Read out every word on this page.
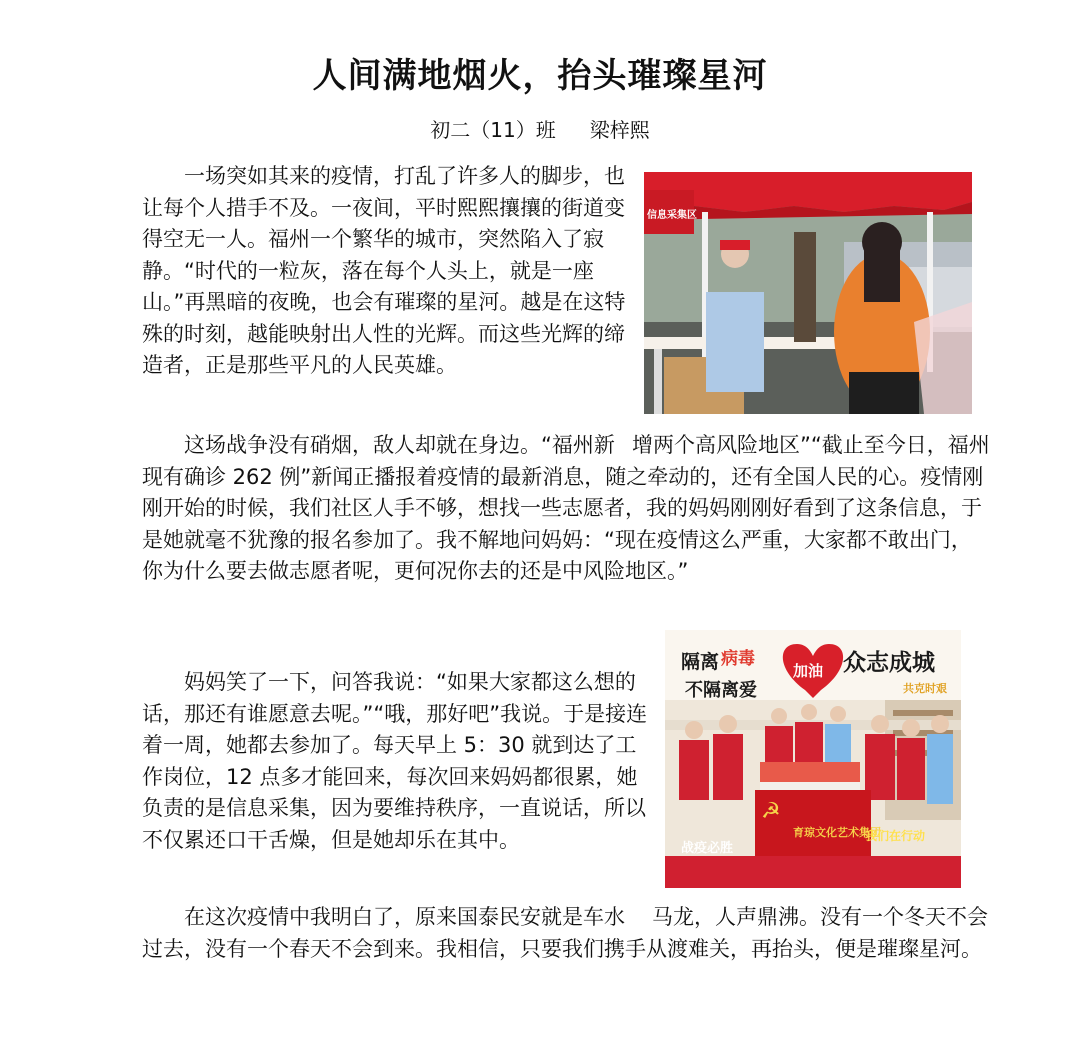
人间满地烟火，抬头璀璨星河
初二（11）班 梁梓熙

一场突如其来的疫情，打乱了许多人的脚步，也让每个人措手不及。一夜间，平时熙熙攘攘的街道变得空无一人。福州一个繁华的城市，突然陷入了寂静。“时代的一粒灰，落在每个人头上，就是一座山。”再黑暗的夜晚，也会有璀璨的星河。越是在这特殊的时刻，越能映射出人性的光辉。而这些光辉的缔造者，正是那些平凡的人民英雄。

这场战争没有硝烟，敌人却就在身边。“福州新 增两个高风险地区”“截止至今日，福州现有确诊 262 例”新闻正播报着疫情的最新消息，随之牵动的，还有全国人民的心。疫情刚刚开始的时候，我们社区人手不够，想找一些志愿者，我的妈妈刚刚好看到了这条信息，于是她就毫不犹豫的报名参加了。我不解地问妈妈：“现在疫情这么严重，大家都不敢出门，你为什么要去做志愿者呢，更何况你去的还是中风险地区。”

妈妈笑了一下，问答我说：“如果大家都这么想的话，那还有谁愿意去呢。”“哦，那好吧”我说。于是接连着一周，她都去参加了。每天早上 5：30 就到达了工作岗位，12 点多才能回来，每次回来妈妈都很累，她负责的是信息采集，因为要维持秩序，一直说话，所以不仅累还口干舌燥，但是她却乐在其中。

在这次疫情中我明白了，原来国泰民安就是车水 马龙，人声鼎沸。没有一个冬天不会过去，没有一个春天不会到来。我相信，只要我们携手从渡难关，再抬头，便是璀璨星河。

信息采集区
隔离 病毒
不隔离爱
加油 众志成城
共克时艰
☭
育琼文化艺术集团
我们在行动
战疫必胜
